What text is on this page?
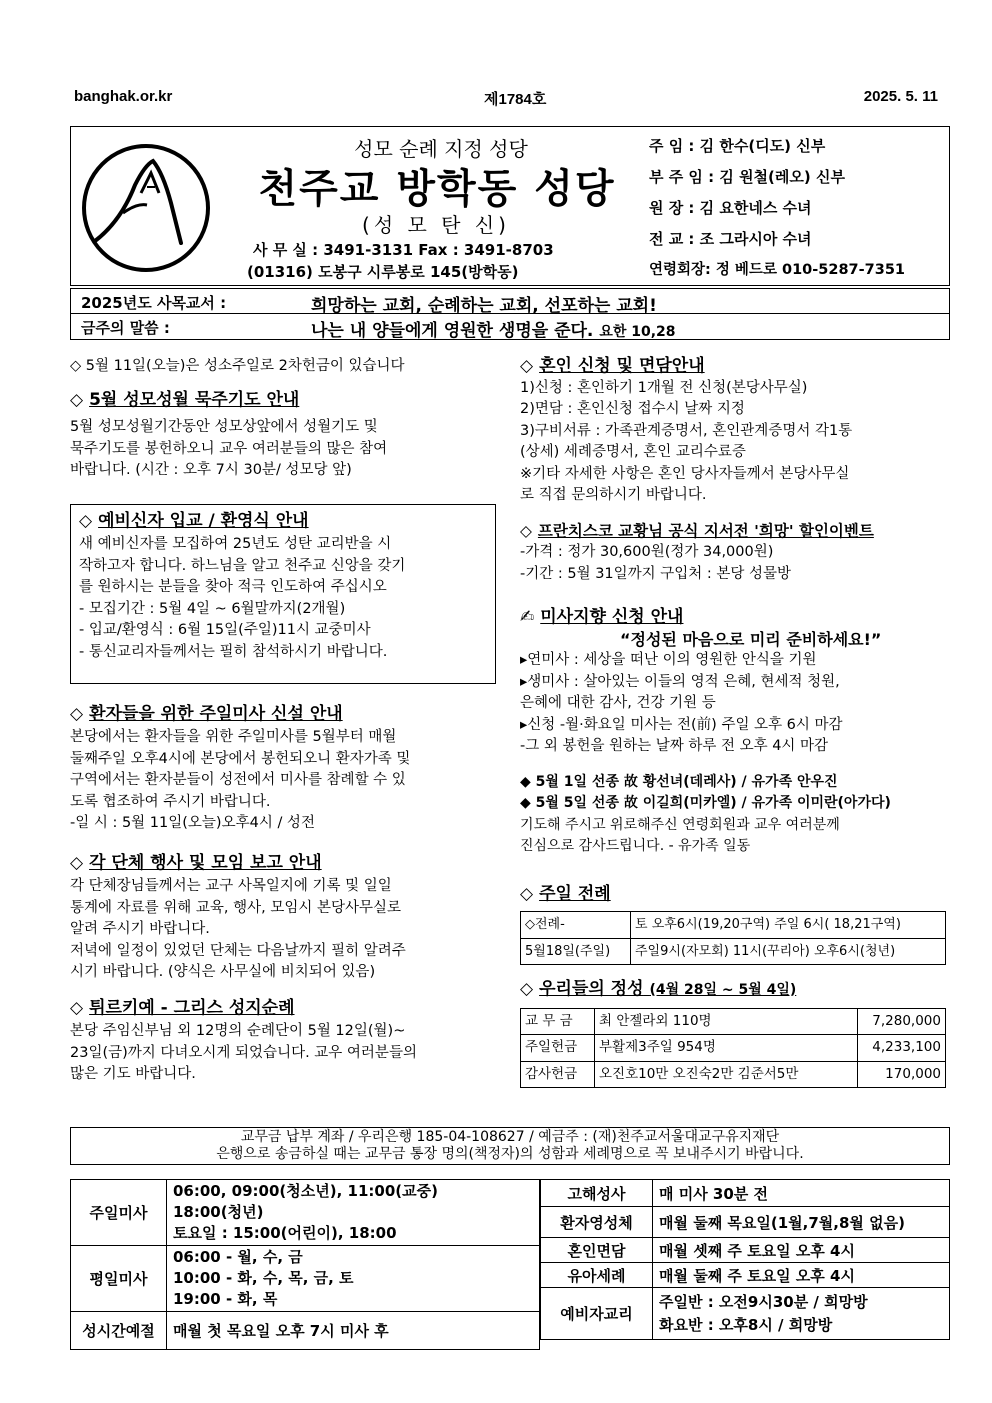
banghak.or.kr	제1784호	2025. 5. 11
성모 순례 지정 성당
천주교 방학동 성당
(성 모 탄 신)
사 무 실 : 3491-3131 Fax : 3491-8703
(01316) 도봉구 시루봉로 145(방학동)
주 임 : 김 한수(디도) 신부
부 주 임 : 김 원철(레오) 신부
원 장 : 김 요한네스 수녀
전 교 : 조 그라시아 수녀
연령회장: 정 베드로 010-5287-7351
2025년도 사목교서 :	희망하는 교회, 순례하는 교회, 선포하는 교회!
금주의 말씀 :	나는 내 양들에게 영원한 생명을 준다. 요한 10,28

◇ 5월 11일(오늘)은 성소주일로 2차헌금이 있습니다

◇ 5월 성모성월 묵주기도 안내

5월 성모성월기간동안 성모상앞에서 성월기도 및

묵주기도를 봉헌하오니 교우 여러분들의 많은 참여

바랍니다. (시간 : 오후 7시 30분/ 성모당 앞)

◇ 예비신자 입교 / 환영식 안내

새 예비신자를 모집하여 25년도 성탄 교리반을 시

작하고자 합니다. 하느님을 알고 천주교 신앙을 갖기

를 원하시는 분들을 찾아 적극 인도하여 주십시오

- 모집기간 : 5월 4일 ~ 6월말까지(2개월)

- 입교/환영식 : 6월 15일(주일)11시 교중미사

- 통신교리자들께서는 필히 참석하시기 바랍니다.

◇ 환자들을 위한 주일미사 신설 안내

본당에서는 환자들을 위한 주일미사를 5월부터 매월

둘째주일 오후4시에 본당에서 봉헌되오니 환자가족 및

구역에서는 환자분들이 성전에서 미사를 참례할 수 있

도록 협조하여 주시기 바랍니다.

-일 시 : 5월 11일(오늘)오후4시 / 성전

◇ 각 단체 행사 및 모임 보고 안내

각 단체장님들께서는 교구 사목일지에 기록 및 일일

통계에 자료를 위해 교육, 행사, 모임시 본당사무실로

알려 주시기 바랍니다.

저녁에 일정이 있었던 단체는 다음날까지 필히 알려주

시기 바랍니다. (양식은 사무실에 비치되어 있음)

◇ 튀르키예 - 그리스 성지순례

본당 주임신부님 외 12명의 순례단이 5월 12일(월)~

23일(금)까지 다녀오시게 되었습니다. 교우 여러분들의

많은 기도 바랍니다.

◇ 혼인 신청 및 면담안내

1)신청 : 혼인하기 1개월 전 신청(본당사무실)

2)면담 : 혼인신청 접수시 날짜 지정

3)구비서류 : 가족관계증명서, 혼인관계증명서 각1통

(상세) 세례증명서, 혼인 교리수료증

※기타 자세한 사항은 혼인 당사자들께서 본당사무실

로 직접 문의하시기 바랍니다.

◇ 프란치스코 교황님 공식 지서전 '희망' 할인이벤트

-가격 : 정가 30,600원(정가 34,000원)

-기간 : 5월 31일까지 구입처 : 본당 성물방

✍ 미사지향 신청 안내

“정성된 마음으로 미리 준비하세요!”

▸연미사 : 세상을 떠난 이의 영원한 안식을 기원

▸생미사 : 살아있는 이들의 영적 은혜, 현세적 청원,

은혜에 대한 감사, 건강 기원 등

▸신청 -월·화요일 미사는 전(前) 주일 오후 6시 마감

-그 외 봉헌을 원하는 날짜 하루 전 오후 4시 마감

◆ 5월 1일 선종 故 황선녀(데레사) / 유가족 안우진

◆ 5월 5일 선종 故 이길희(미카엘) / 유가족 이미란(아가다)

기도해 주시고 위로해주신 연령회원과 교우 여러분께

진심으로 감사드립니다. - 유가족 일동

◇ 주일 전례
◇전례-	토 오후6시(19,20구역) 주일 6시( 18,21구역)
5월18일(주일)	주일9시(자모회) 11시(꾸리아) 오후6시(청년)
◇ 우리들의 정성 (4월 28일 ~ 5월 4일)
교 무 금	최 안젤라외 110명	7,280,000
주일헌금	부활제3주일 954명	4,233,100
감사헌금	오진호10만 오진숙2만 김준서5만	170,000
교무금 납부 계좌 / 우리은행 185-04-108627 / 예금주 : (재)천주교서울대교구유지재단
은행으로 송금하실 때는 교무금 통장 명의(책정자)의 성함과 세례명으로 꼭 보내주시기 바랍니다.
주일미사	06:00, 09:00(청소년), 11:00(교중)
18:00(청년)
토요일 : 15:00(어린이), 18:00

평일미사	06:00 - 월, 수, 금
10:00 - 화, 수, 목, 금, 토
19:00 - 화, 목

성시간예절	매월 첫 목요일 오후 7시 미사 후
고해성사	매 미사 30분 전
환자영성체	매월 둘째 목요일(1월,7월,8월 없음)
혼인면담	매월 셋째 주 토요일 오후 4시
유아세례	매월 둘째 주 토요일 오후 4시
예비자교리	주일반 : 오전9시30분 / 희망방
화요반 : 오후8시 / 희망방
